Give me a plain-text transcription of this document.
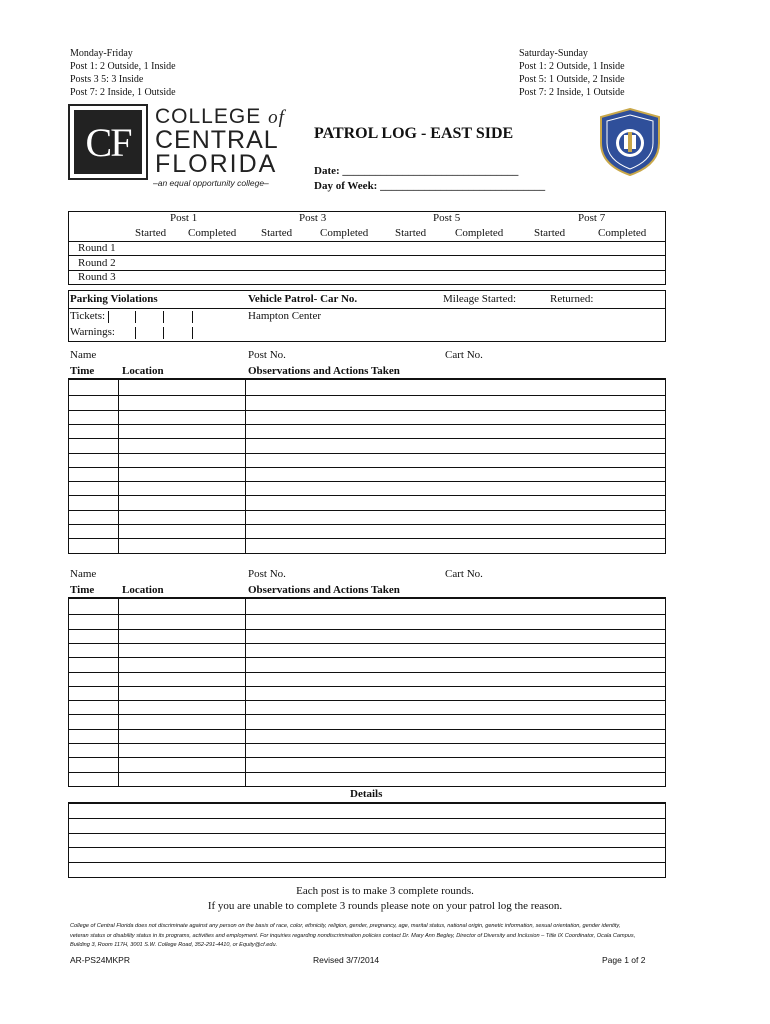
Monday-Friday
Post 1: 2 Outside, 1 Inside
Posts 3 5: 3 Inside
Post 7: 2 Inside, 1 Outside
Saturday-Sunday
Post 1: 2 Outside, 1 Inside
Post 5: 1 Outside, 2 Inside
Post 7: 2 Inside, 1 Outside
CF
COLLEGE of
CENTRAL
FLORIDA
–an equal opportunity college–
PATROL LOG - EAST SIDE
Date: ________________________________
Day of Week: ______________________________
Post 1	Post 3	Post 5	Post 7
Started Completed Started	Completed Started	Completed	Started	Completed
Round 1
Round 2
Round 3
Parking Violations	Vehicle Patrol- Car No.	Mileage Started:	Returned:
Tickets:
Warnings:
Hampton Center
Name	Post No.	Cart No.
Time	Location	Observations and Actions Taken
Name	Post No.	Cart No.
Time	Location	Observations and Actions Taken
Details
Each post is to make 3 complete rounds.
If you are unable to complete 3 rounds please note on your patrol log the reason.
College of Central Florida does not discriminate against any person on the basis of race, color, ethnicity, religion, gender, pregnancy, age, marital status, national origin, genetic information, sexual orientation, gender identity,
veteran status or disability status in its programs, activities and employment. For inquiries regarding nondiscrimination policies contact Dr. Mary Ann Begley, Director of Diversity and Inclusion – Title IX Coordinator, Ocala Campus,
Building 3, Room 117H, 3001 S.W. College Road, 352-291-4410, or Equity@cf.edu.
AR-PS24MKPR	Revised 3/7/2014	Page 1 of 2
